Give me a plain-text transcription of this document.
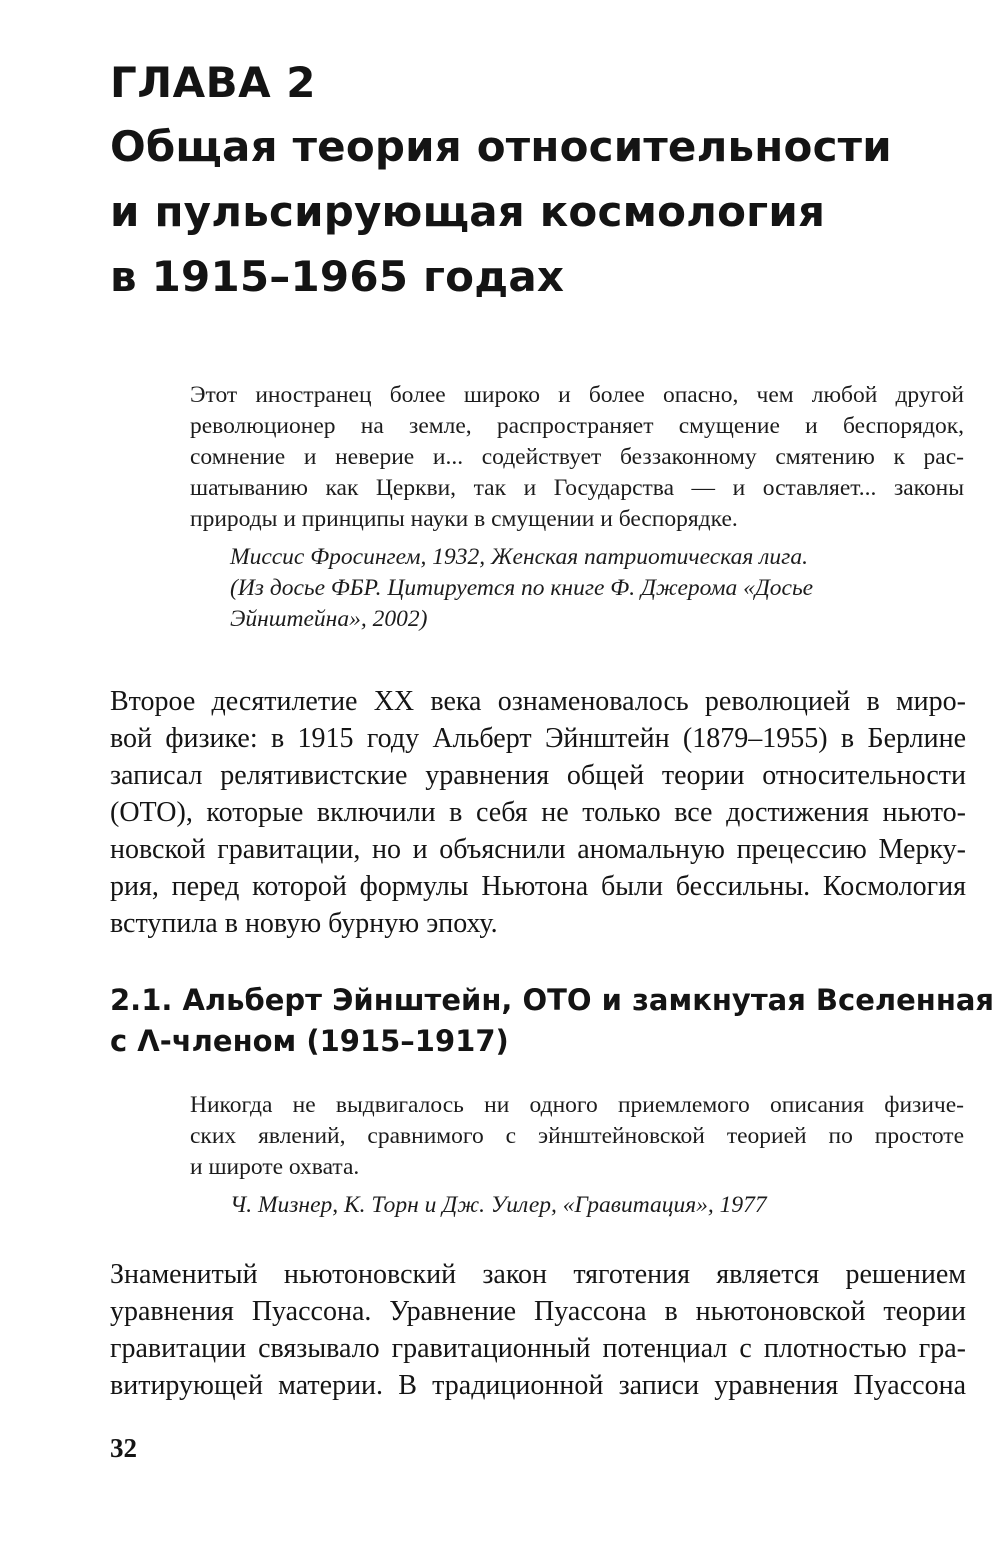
ГЛАВА 2
Общая теория относительности
и пульсирующая космология
в 1915–1965 годах
Этот иностранец более широко и более опасно, чем любой другой
революционер на земле, распространяет смущение и беспорядок,
сомнение и неверие и... содействует беззаконному смятению к рас-
шатыванию как Церкви, так и Государства — и оставляет... законы
природы и принципы науки в смущении и беспорядке.
Миссис Фросингем, 1932, Женская патриотическая лига.
(Из досье ФБР. Цитируется по книге Ф. Джерома «Досье
Эйнштейна», 2002)
Второе десятилетие XX века ознаменовалось революцией в миро-
вой физике: в 1915 году Альберт Эйнштейн (1879–1955) в Берлине
записал релятивистские уравнения общей теории относительности
(ОТО), которые включили в себя не только все достижения ньюто-
новской гравитации, но и объяснили аномальную прецессию Мерку-
рия, перед которой формулы Ньютона были бессильны. Космология
вступила в новую бурную эпоху.
2.1. Альберт Эйнштейн, ОТО и замкнутая Вселенная
с Λ-членом (1915–1917)
Никогда не выдвигалось ни одного приемлемого описания физиче-
ских явлений, сравнимого с эйнштейновской теорией по простоте
и широте охвата.
Ч. Мизнер, К. Торн и Дж. Уилер, «Гравитация», 1977
Знаменитый ньютоновский закон тяготения является решением
уравнения Пуассона. Уравнение Пуассона в ньютоновской теории
гравитации связывало гравитационный потенциал с плотностью гра-
витирующей материи. В традиционной записи уравнения Пуассона
32
